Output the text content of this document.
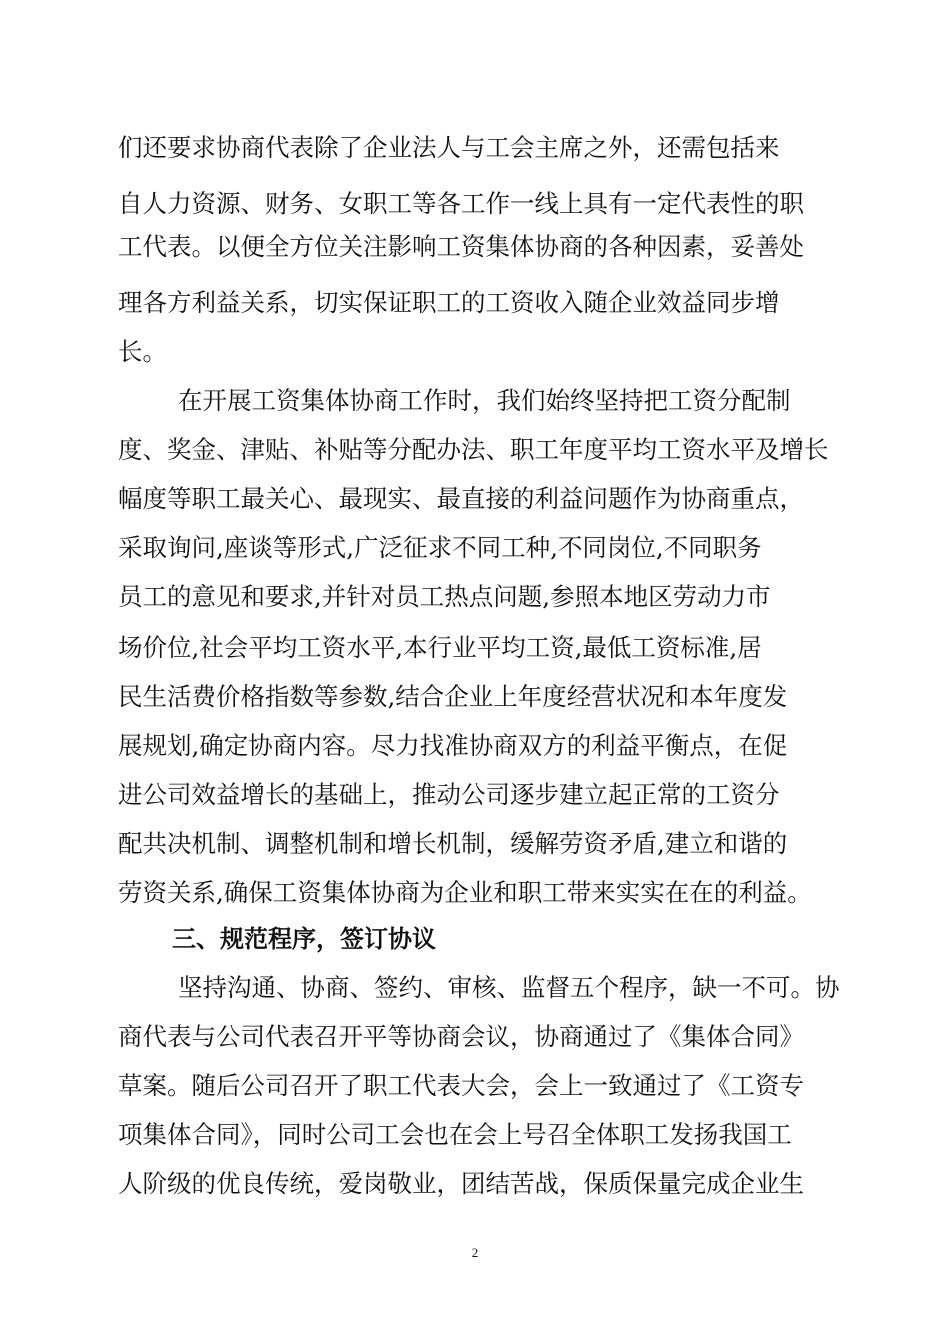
们还要求协商代表除了企业法人与工会主席之外，还需包括来
自人力资源、财务、女职工等各工作一线上具有一定代表性的职
工代表。以便全方位关注影响工资集体协商的各种因素，妥善处
理各方利益关系，切实保证职工的工资收入随企业效益同步增
长。
在开展工资集体协商工作时，我们始终坚持把工资分配制
度、奖金、津贴、补贴等分配办法、职工年度平均工资水平及增长
幅度等职工最关心、最现实、最直接的利益问题作为协商重点，
采取询问,座谈等形式,广泛征求不同工种,不同岗位,不同职务
员工的意见和要求,并针对员工热点问题,参照本地区劳动力市
场价位,社会平均工资水平,本行业平均工资,最低工资标准,居
民生活费价格指数等参数,结合企业上年度经营状况和本年度发
展规划,确定协商内容。尽力找准协商双方的利益平衡点，在促
进公司效益增长的基础上，推动公司逐步建立起正常的工资分
配共决机制、调整机制和增长机制，缓解劳资矛盾,建立和谐的
劳资关系,确保工资集体协商为企业和职工带来实实在在的利益。
三、规范程序，签订协议
坚持沟通、协商、签约、审核、监督五个程序，缺一不可。协
商代表与公司代表召开平等协商会议，协商通过了《集体合同》
草案。随后公司召开了职工代表大会，会上一致通过了《工资专
项集体合同》，同时公司工会也在会上号召全体职工发扬我国工
人阶级的优良传统，爱岗敬业，团结苦战，保质保量完成企业生
2
